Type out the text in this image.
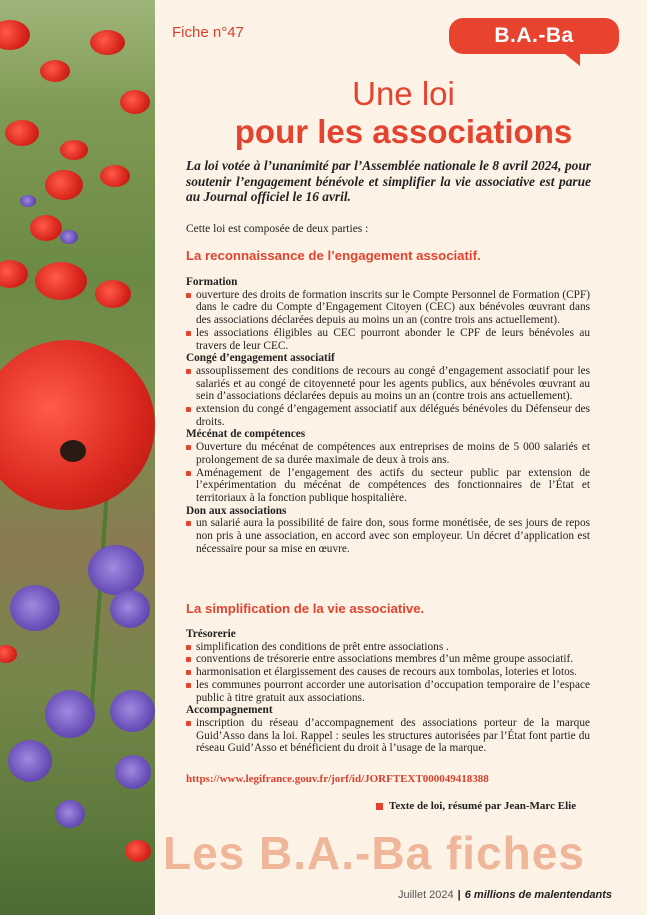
Fiche n°47	B.A.-Ba
Une loi
pour les associations
La loi votée à l’unanimité par l’Assemblée nationale le 8 avril 2024, pour soutenir l’engagement bénévole et simplifier la vie associative est parue au Journal officiel le 16 avril.
Cette loi est composée de deux parties :
La reconnaissance de l’engagement associatif.
Formation
ouverture des droits de formation inscrits sur le Compte Personnel de Formation (CPF) dans le cadre du Compte d’Engagement Citoyen (CEC) aux bénévoles œuvrant dans des associations déclarées depuis au moins un an (contre trois ans actuellement).
les associations éligibles au CEC pourront abonder le CPF de leurs bénévoles au travers de leur CEC.
Congé d’engagement associatif
assouplissement des conditions de recours au congé d’engagement associatif pour les salariés et au congé de citoyenneté pour les agents publics, aux bénévoles œuvrant au sein d’associations déclarées depuis au moins un an (contre trois ans actuellement).
extension du congé d’engagement associatif aux délégués bénévoles du Défenseur des droits.
Mécénat de compétences
Ouverture du mécénat de compétences aux entreprises de moins de 5 000 salariés et prolongement de sa durée maximale de deux à trois ans.
Aménagement de l’engagement des actifs du secteur public par extension de l’expérimentation du mécénat de compétences des fonctionnaires de l’État et territoriaux à la fonction publique hospitalière.
Don aux associations
un salarié aura la possibilité de faire don, sous forme monétisée, de ses jours de repos non pris à une association, en accord avec son employeur. Un décret d’application est nécessaire pour sa mise en œuvre.
La simplification de la vie associative.
Trésorerie
simplification des conditions de prêt entre associations .
conventions de trésorerie entre associations membres d’un même groupe associatif.
harmonisation et élargissement des causes de recours aux tombolas, loteries et lotos.
les communes pourront accorder une autorisation d’occupation temporaire de l’espace public à titre gratuit aux associations.
Accompagnement
inscription du réseau d’accompagnement des associations porteur de la marque Guid’Asso dans la loi. Rappel : seules les structures autorisées par l’État font partie du réseau Guid’Asso et bénéficient du droit à l’usage de la marque.
https://www.legifrance.gouv.fr/jorf/id/JORFTEXT000049418388
Texte de loi, résumé par Jean-Marc Elie
Les B.A.-Ba fiches
Juillet 2024 | 6 millions de malentendants
